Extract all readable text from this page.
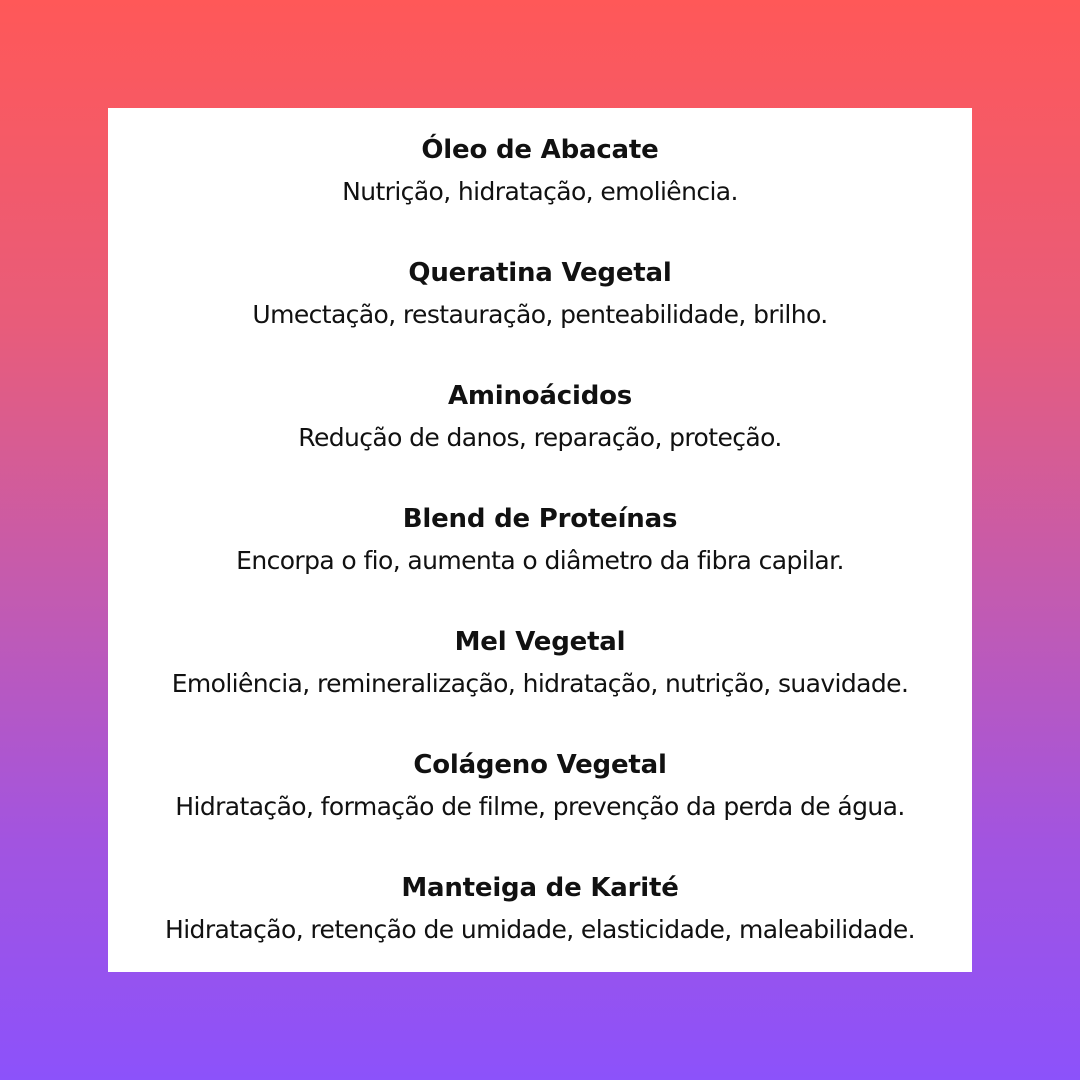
Óleo de Abacate
Nutrição, hidratação, emoliência.
Queratina Vegetal
Umectação, restauração, penteabilidade, brilho.
Aminoácidos
Redução de danos, reparação, proteção.
Blend de Proteínas
Encorpa o fio, aumenta o diâmetro da fibra capilar.
Mel Vegetal
Emoliência, remineralização, hidratação, nutrição, suavidade.
Colágeno Vegetal
Hidratação, formação de filme, prevenção da perda de água.
Manteiga de Karité
Hidratação, retenção de umidade, elasticidade, maleabilidade.
